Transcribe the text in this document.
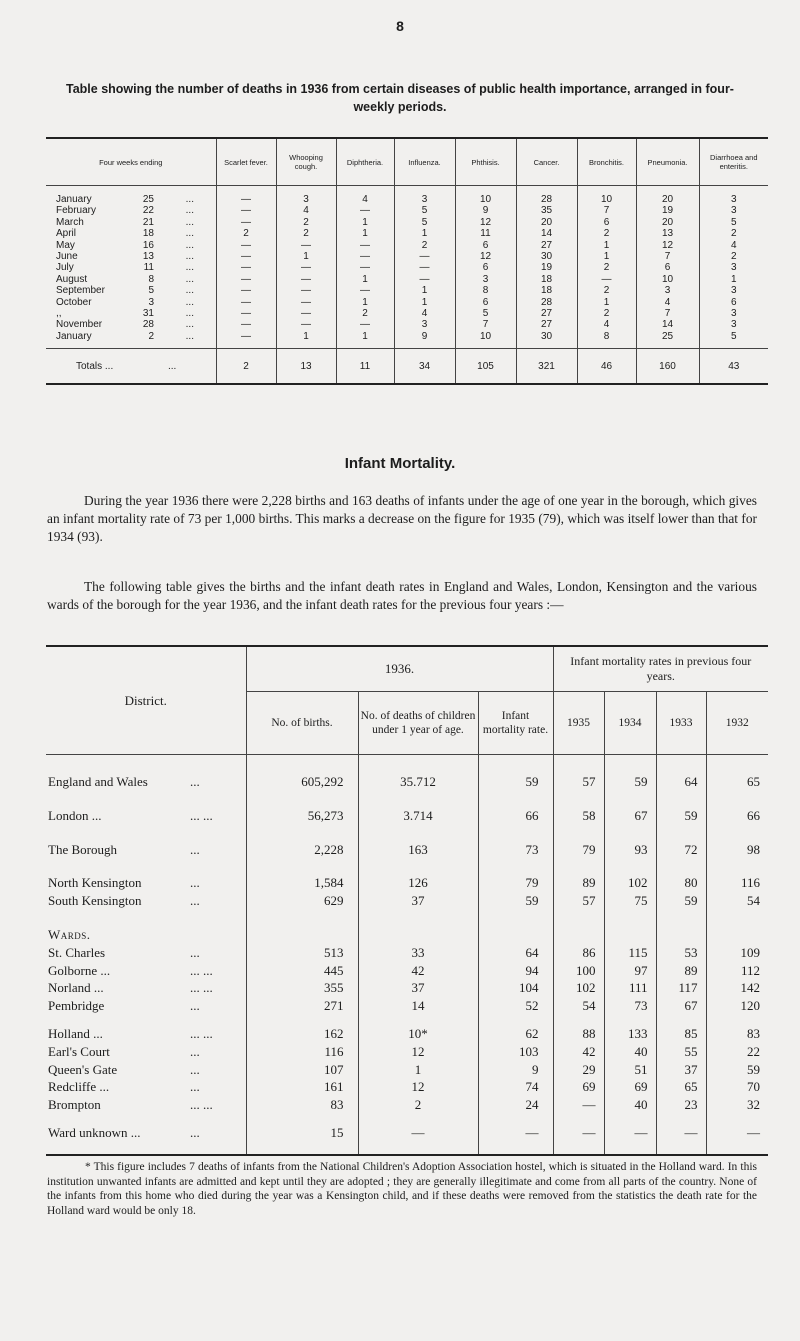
8
Table showing the number of deaths in 1936 from certain diseases of public health importance, arranged in four-weekly periods.
Four weeks ending	Scarlet fever.	Whooping cough.	Diphtheria.	Influenza.	Phthisis.	Cancer.	Bronchitis.	Pneumonia.	Diarrhoea and enteritis.
January 25 ...	—	3	4	3	10	28	10	20	3
February 22 ...	—	4	—	5	9	35	7	19	3
March 21 ...	—	2	1	5	12	20	6	20	5
April 18 ...	2	2	1	1	11	14	2	13	2
May 16 ...	—	—	—	2	6	27	1	12	4
June 13 ...	—	1	—	—	12	30	1	7	2
July 11 ...	—	—	—	—	6	19	2	6	3
August 8 ...	—	—	1	—	3	18	—	10	1
September 5 ...	—	—	—	1	8	18	2	3	3
October 3 ...	—	—	1	1	6	28	1	4	6
,, 31 ...	—	—	2	4	5	27	2	7	3
November 28 ...	—	—	—	3	7	27	4	14	3
January 2 ...	—	1	1	9	10	30	8	25	5
Totals ... ...	2	13	11	34	105	321	46	160	43
Infant Mortality.
During the year 1936 there were 2,228 births and 163 deaths of infants under the age of one year in the borough, which gives an infant mortality rate of 73 per 1,000 births. This marks a decrease on the figure for 1935 (79), which was itself lower than that for 1934 (93).
The following table gives the births and the infant death rates in England and Wales, London, Kensington and the various wards of the borough for the year 1936, and the infant death rates for the previous four years :—
District.	1936.			Infant mortality rates in previous four years.			
	No. of births.	No. of deaths of children under 1 year of age.	Infant mortality rate.	1935	1934	1933	1932

England and Wales ...	605,292	35.712	59	57	59	64	65

London ... ... ...	56,273	3.714	66	58	67	59	66

The Borough ...	2,228	163	73	79	93	72	98

North Kensington ...	1,584	126	79	89	102	80	116
South Kensington ...	629	37	59	57	75	59	54

Wards.							
St. Charles ...	513	33	64	86	115	53	109
Golborne ... ... ...	445	42	94	100	97	89	112
Norland ... ... ...	355	37	104	102	111	117	142
Pembridge ...	271	14	52	54	73	67	120

Holland ... ... ...	162	10*	62	88	133	85	83
Earl's Court ...	116	12	103	42	40	55	22
Queen's Gate ...	107	1	9	29	51	37	59
Redcliffe ... ...	161	12	74	69	69	65	70
Brompton ... ...	83	2	24	—	40	23	32

Ward unknown ... ...	15	—	—	—	—	—	—

* This figure includes 7 deaths of infants from the National Children's Adoption Association hostel, which is situated in the Holland ward. In this institution unwanted infants are admitted and kept until they are adopted ; they are generally illegitimate and come from all parts of the country. None of the infants from this home who died during the year was a Kensington child, and if these deaths were removed from the statistics the death rate for the Holland ward would be only 18.
